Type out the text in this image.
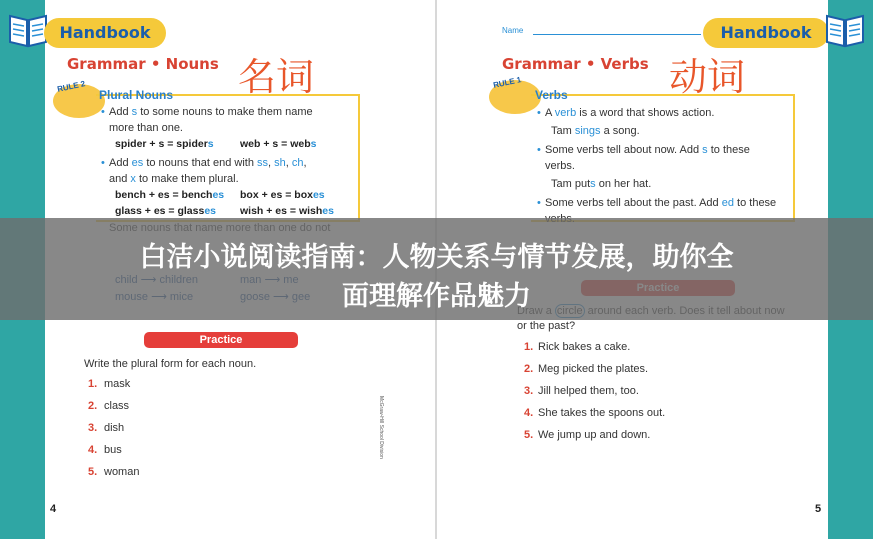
Handbook
Grammar • Nouns 名词
RULE 2
Plural Nouns
• Add s to some nouns to make them name
more than one.
spider + s = spiders	web + s = webs
• Add es to nouns that end with ss, sh, ch,
and x to make them plural.
bench + es = benches box + es = boxes
glass + es = glasses wish + es = wishes
Practice
Write the plural form for each noun.
1. mask
2. class
3. dish
4. bus
5. woman
McGraw-Hill School Division
4
Name	Handbook
Grammar • Verbs 动词
RULE 1
Verbs
• A verb is a word that shows action.
Tam sings a song.
• Some verbs tell about now. Add s to these
verbs.
Tam puts on her hat.
• Some verbs tell about the past. Add ed to these
or the past?
1. Rick bakes a cake.
2. Meg picked the plates.
3. Jill helped them, too.
4. She takes the spoons out.
5. We jump up and down.
5
白洁小说阅读指南：人物关系与情节发展，助你全
面理解作品魅力
